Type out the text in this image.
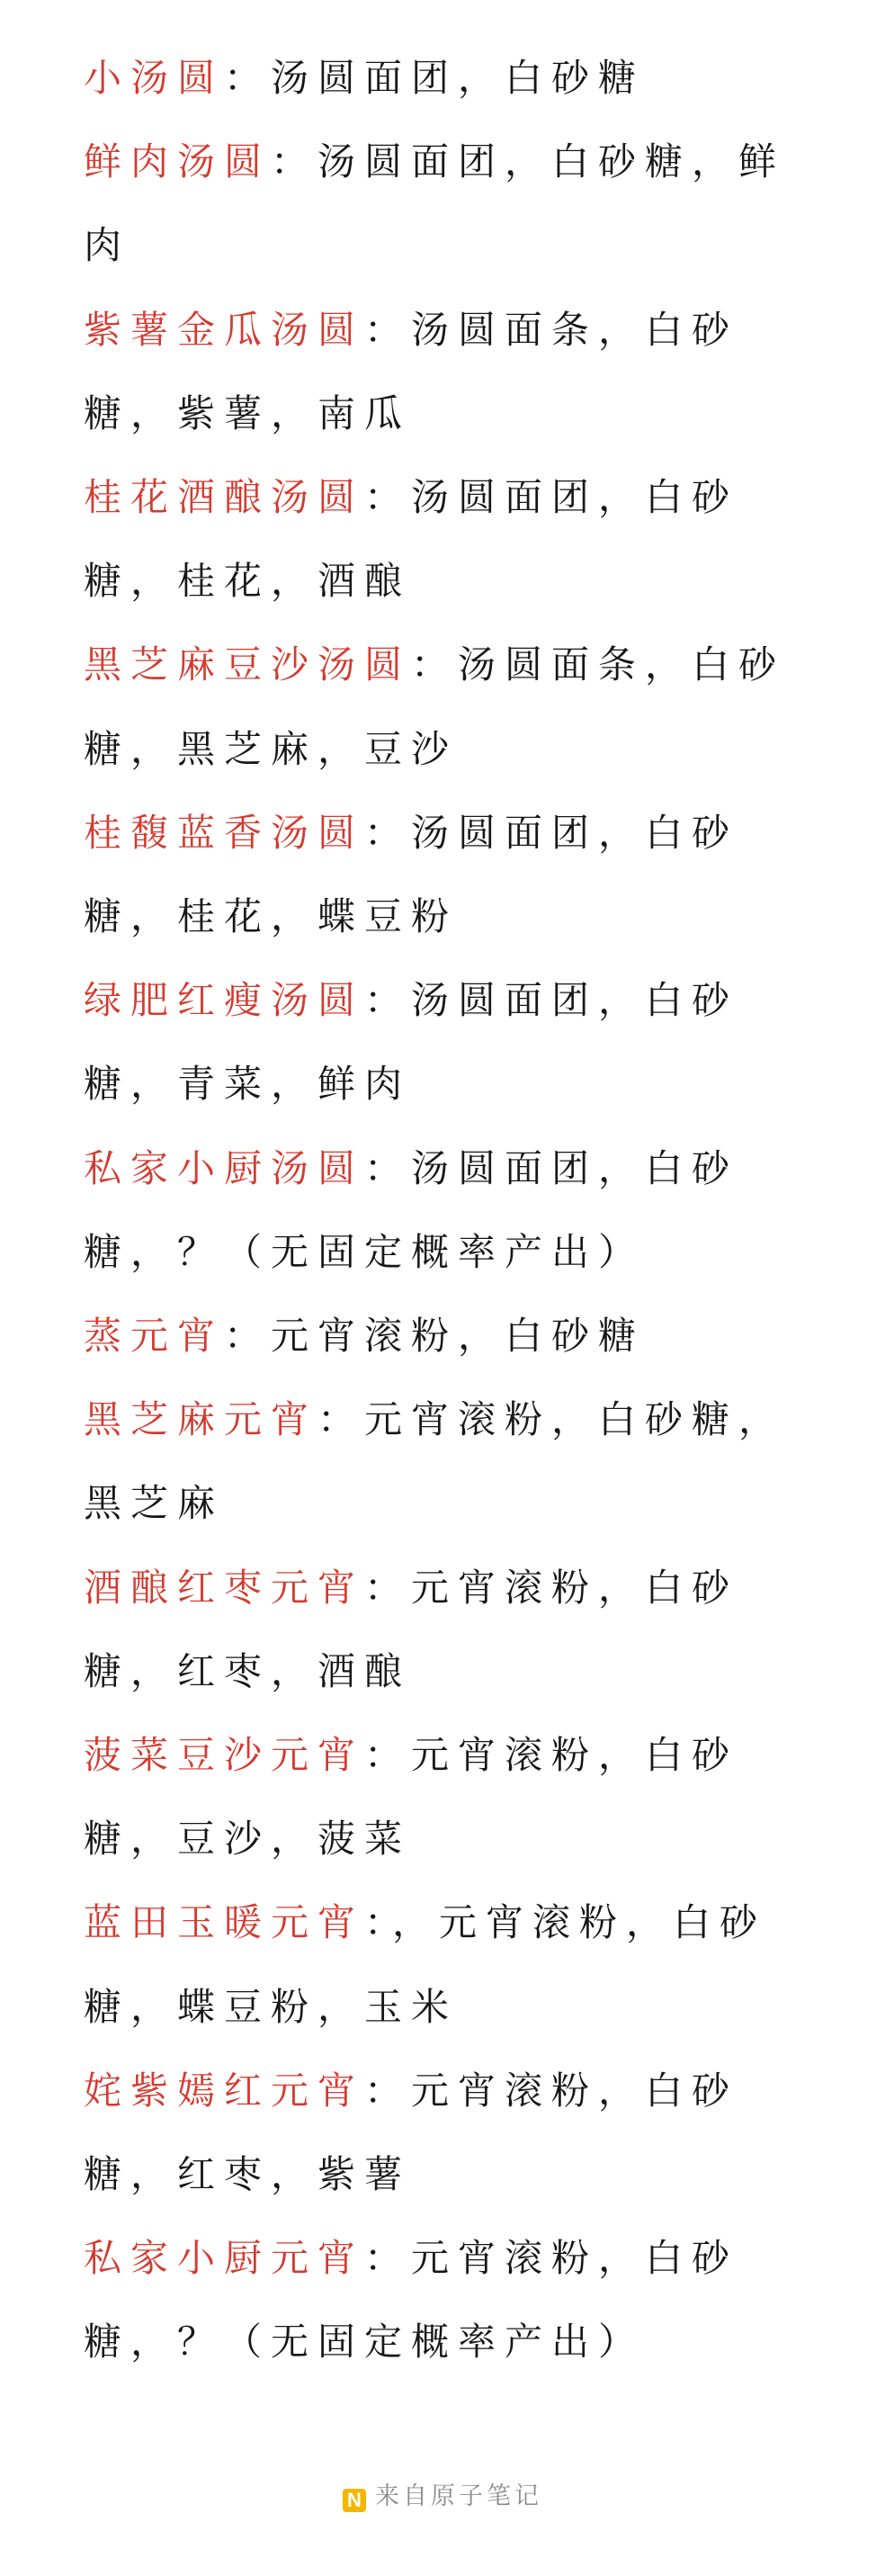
小汤圆：汤圆面团，白砂糖
鲜肉汤圆：汤圆面团，白砂糖，鲜肉
紫薯金瓜汤圆：汤圆面条，白砂糖，紫薯，南瓜
桂花酒酿汤圆：汤圆面团，白砂糖，桂花，酒酿
黑芝麻豆沙汤圆：汤圆面条，白砂糖，黑芝麻，豆沙
桂馥蓝香汤圆：汤圆面团，白砂糖，桂花，蝶豆粉
绿肥红瘦汤圆：汤圆面团，白砂糖，青菜，鲜肉
私家小厨汤圆：汤圆面团，白砂糖，？（无固定概率产出）
蒸元宵：元宵滚粉，白砂糖
黑芝麻元宵：元宵滚粉，白砂糖，黑芝麻
酒酿红枣元宵：元宵滚粉，白砂糖，红枣，酒酿
菠菜豆沙元宵：元宵滚粉，白砂糖，豆沙，菠菜
蓝田玉暖元宵：，元宵滚粉，白砂糖，蝶豆粉，玉米
姹紫嫣红元宵：元宵滚粉，白砂糖，红枣，紫薯
私家小厨元宵：元宵滚粉，白砂糖，？（无固定概率产出）
N 来自原子笔记
